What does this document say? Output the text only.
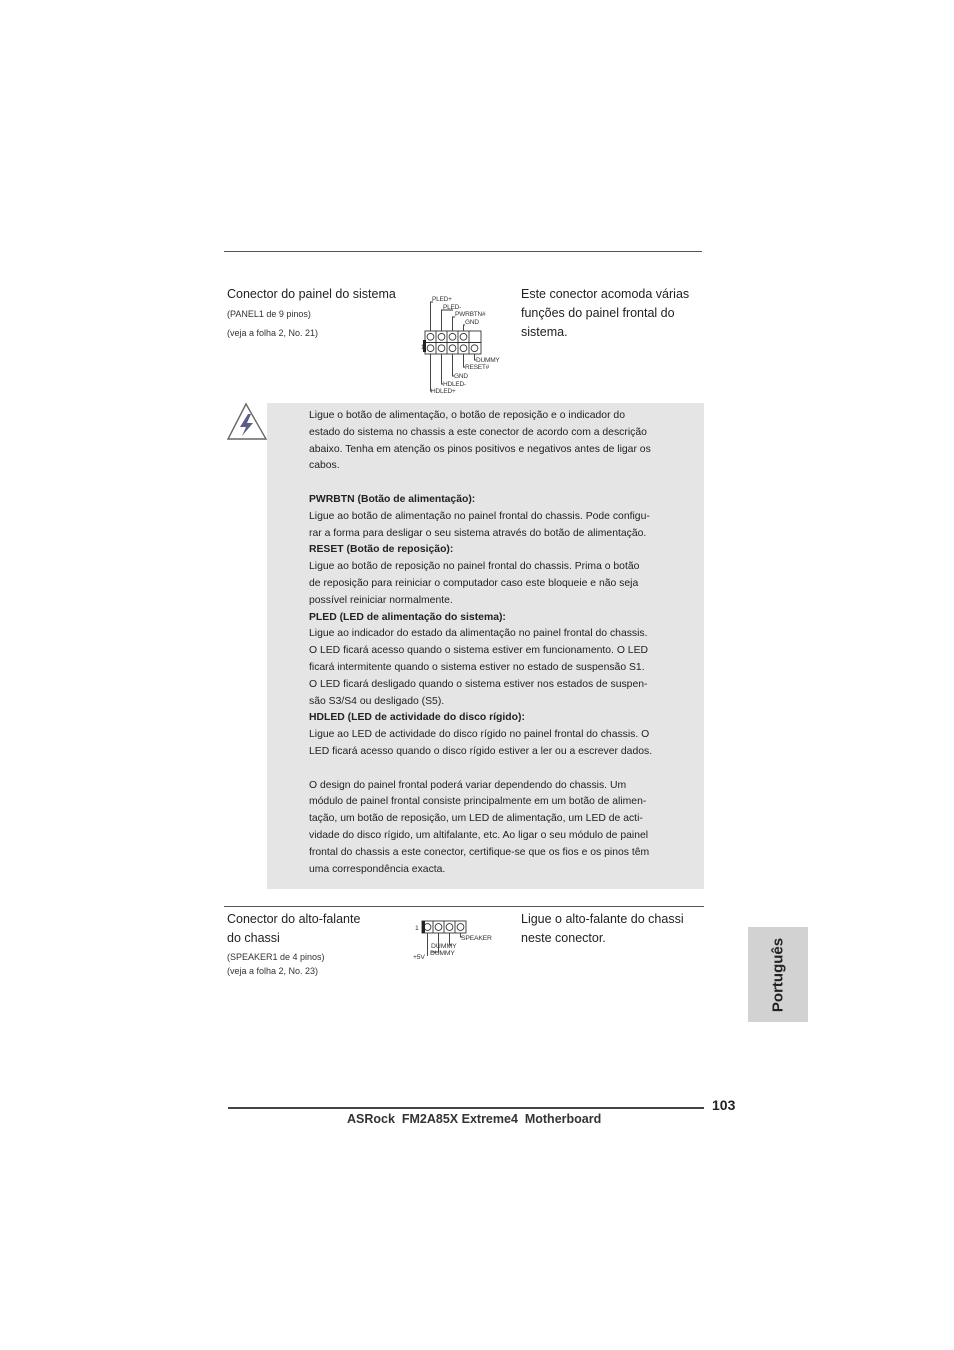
Conector do painel do sistema
(PANEL1 de 9 pinos)
(veja a folha 2, No. 21)
1
PLED+
PLED-
PWRBTN#
GND
DUMMY
RESET#
GND
HDLED-
HDLED+
Este conector acomoda várias
funções do painel frontal do
sistema.

Ligue o botão de alimentação, o botão de reposição e o indicador do

estado do sistema no chassis a este conector de acordo com a descrição

abaixo. Tenha em atenção os pinos positivos e negativos antes de ligar os

cabos.

PWRBTN (Botão de alimentação):

Ligue ao botão de alimentação no painel frontal do chassis. Pode configu-

rar a forma para desligar o seu sistema através do botão de alimentação.

RESET (Botão de reposição):

Ligue ao botão de reposição no painel frontal do chassis. Prima o botão

de reposição para reiniciar o computador caso este bloqueie e não seja

possível reiniciar normalmente.

PLED (LED de alimentação do sistema):

Ligue ao indicador do estado da alimentação no painel frontal do chassis.

O LED ficará acesso quando o sistema estiver em funcionamento. O LED

ficará intermitente quando o sistema estiver no estado de suspensão S1.

O LED ficará desligado quando o sistema estiver nos estados de suspen-

são S3/S4 ou desligado (S5).

HDLED (LED de actividade do disco rígido):

Ligue ao LED de actividade do disco rígido no painel frontal do chassis. O

LED ficará acesso quando o disco rígido estiver a ler ou a escrever dados.

O design do painel frontal poderá variar dependendo do chassis. Um

módulo de painel frontal consiste principalmente em um botão de alimen-

tação, um botão de reposição, um LED de alimentação, um LED de acti-

vidade do disco rígido, um altifalante, etc. Ao ligar o seu módulo de painel

frontal do chassis a este conector, certifique-se que os fios e os pinos têm

uma correspondência exacta.

Conector do alto-falante
do chassi
(SPEAKER1 de 4 pinos)
(veja a folha 2, No. 23)
1
SPEAKER
DUMMY
+5V
DUMMY
Ligue o alto-falante do chassi
neste conector.	Português
103
ASRock  FM2A85X Extreme4  Motherboard
